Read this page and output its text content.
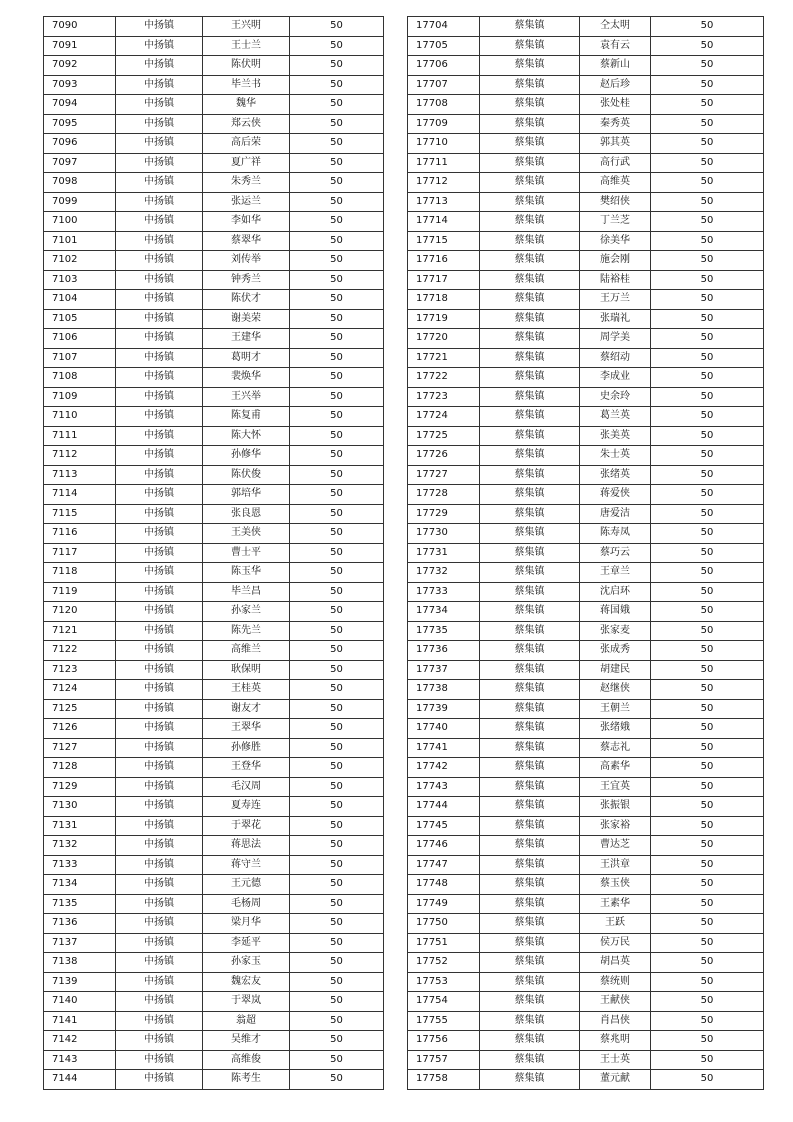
7090	中扬镇	王兴明	50
7091	中扬镇	王士兰	50
7092	中扬镇	陈伏明	50
7093	中扬镇	毕兰书	50
7094	中扬镇	魏华	50
7095	中扬镇	郑云侠	50
7096	中扬镇	高后荣	50
7097	中扬镇	夏广祥	50
7098	中扬镇	朱秀兰	50
7099	中扬镇	张运兰	50
7100	中扬镇	李如华	50
7101	中扬镇	蔡翠华	50
7102	中扬镇	刘传举	50
7103	中扬镇	钟秀兰	50
7104	中扬镇	陈伏才	50
7105	中扬镇	谢美荣	50
7106	中扬镇	王建华	50
7107	中扬镇	葛明才	50
7108	中扬镇	裴焕华	50
7109	中扬镇	王兴举	50
7110	中扬镇	陈复甫	50
7111	中扬镇	陈大怀	50
7112	中扬镇	孙修华	50
7113	中扬镇	陈伏俊	50
7114	中扬镇	郭培华	50
7115	中扬镇	张良恩	50
7116	中扬镇	王美侠	50
7117	中扬镇	曹士平	50
7118	中扬镇	陈玉华	50
7119	中扬镇	毕兰昌	50
7120	中扬镇	孙家兰	50
7121	中扬镇	陈先兰	50
7122	中扬镇	高维兰	50
7123	中扬镇	耿保明	50
7124	中扬镇	王桂英	50
7125	中扬镇	谢友才	50
7126	中扬镇	王翠华	50
7127	中扬镇	孙修胜	50
7128	中扬镇	王登华	50
7129	中扬镇	毛汉周	50
7130	中扬镇	夏寿连	50
7131	中扬镇	于翠花	50
7132	中扬镇	蒋思法	50
7133	中扬镇	蒋守兰	50
7134	中扬镇	王元德	50
7135	中扬镇	毛杨周	50
7136	中扬镇	梁月华	50
7137	中扬镇	李延平	50
7138	中扬镇	孙家玉	50
7139	中扬镇	魏宏友	50
7140	中扬镇	于翠岚	50
7141	中扬镇	翁超	50
7142	中扬镇	吴维才	50
7143	中扬镇	高维俊	50
7144	中扬镇	陈考生	50
17704	蔡集镇	仝太明	50
17705	蔡集镇	袁有云	50
17706	蔡集镇	蔡新山	50
17707	蔡集镇	赵后珍	50
17708	蔡集镇	张处桂	50
17709	蔡集镇	秦秀英	50
17710	蔡集镇	郭其英	50
17711	蔡集镇	高行武	50
17712	蔡集镇	高维英	50
17713	蔡集镇	樊绍侠	50
17714	蔡集镇	丁兰芝	50
17715	蔡集镇	徐美华	50
17716	蔡集镇	施会刚	50
17717	蔡集镇	陆裕桂	50
17718	蔡集镇	王万兰	50
17719	蔡集镇	张瑞礼	50
17720	蔡集镇	周学美	50
17721	蔡集镇	蔡绍动	50
17722	蔡集镇	李成业	50
17723	蔡集镇	史余玲	50
17724	蔡集镇	葛兰英	50
17725	蔡集镇	张美英	50
17726	蔡集镇	朱士英	50
17727	蔡集镇	张绪英	50
17728	蔡集镇	蒋爱侠	50
17729	蔡集镇	唐爱洁	50
17730	蔡集镇	陈寿凤	50
17731	蔡集镇	蔡巧云	50
17732	蔡集镇	王章兰	50
17733	蔡集镇	沈启环	50
17734	蔡集镇	蒋国娥	50
17735	蔡集镇	张家麦	50
17736	蔡集镇	张成秀	50
17737	蔡集镇	胡建民	50
17738	蔡集镇	赵继侠	50
17739	蔡集镇	王朝兰	50
17740	蔡集镇	张绪娥	50
17741	蔡集镇	蔡志礼	50
17742	蔡集镇	高素华	50
17743	蔡集镇	王宜英	50
17744	蔡集镇	张振银	50
17745	蔡集镇	张家裕	50
17746	蔡集镇	曹达芝	50
17747	蔡集镇	王洪章	50
17748	蔡集镇	蔡玉侠	50
17749	蔡集镇	王素华	50
17750	蔡集镇	王跃	50
17751	蔡集镇	侯万民	50
17752	蔡集镇	胡昌英	50
17753	蔡集镇	蔡统则	50
17754	蔡集镇	王献侠	50
17755	蔡集镇	肖昌侠	50
17756	蔡集镇	蔡兆明	50
17757	蔡集镇	王士英	50
17758	蔡集镇	董元献	50
